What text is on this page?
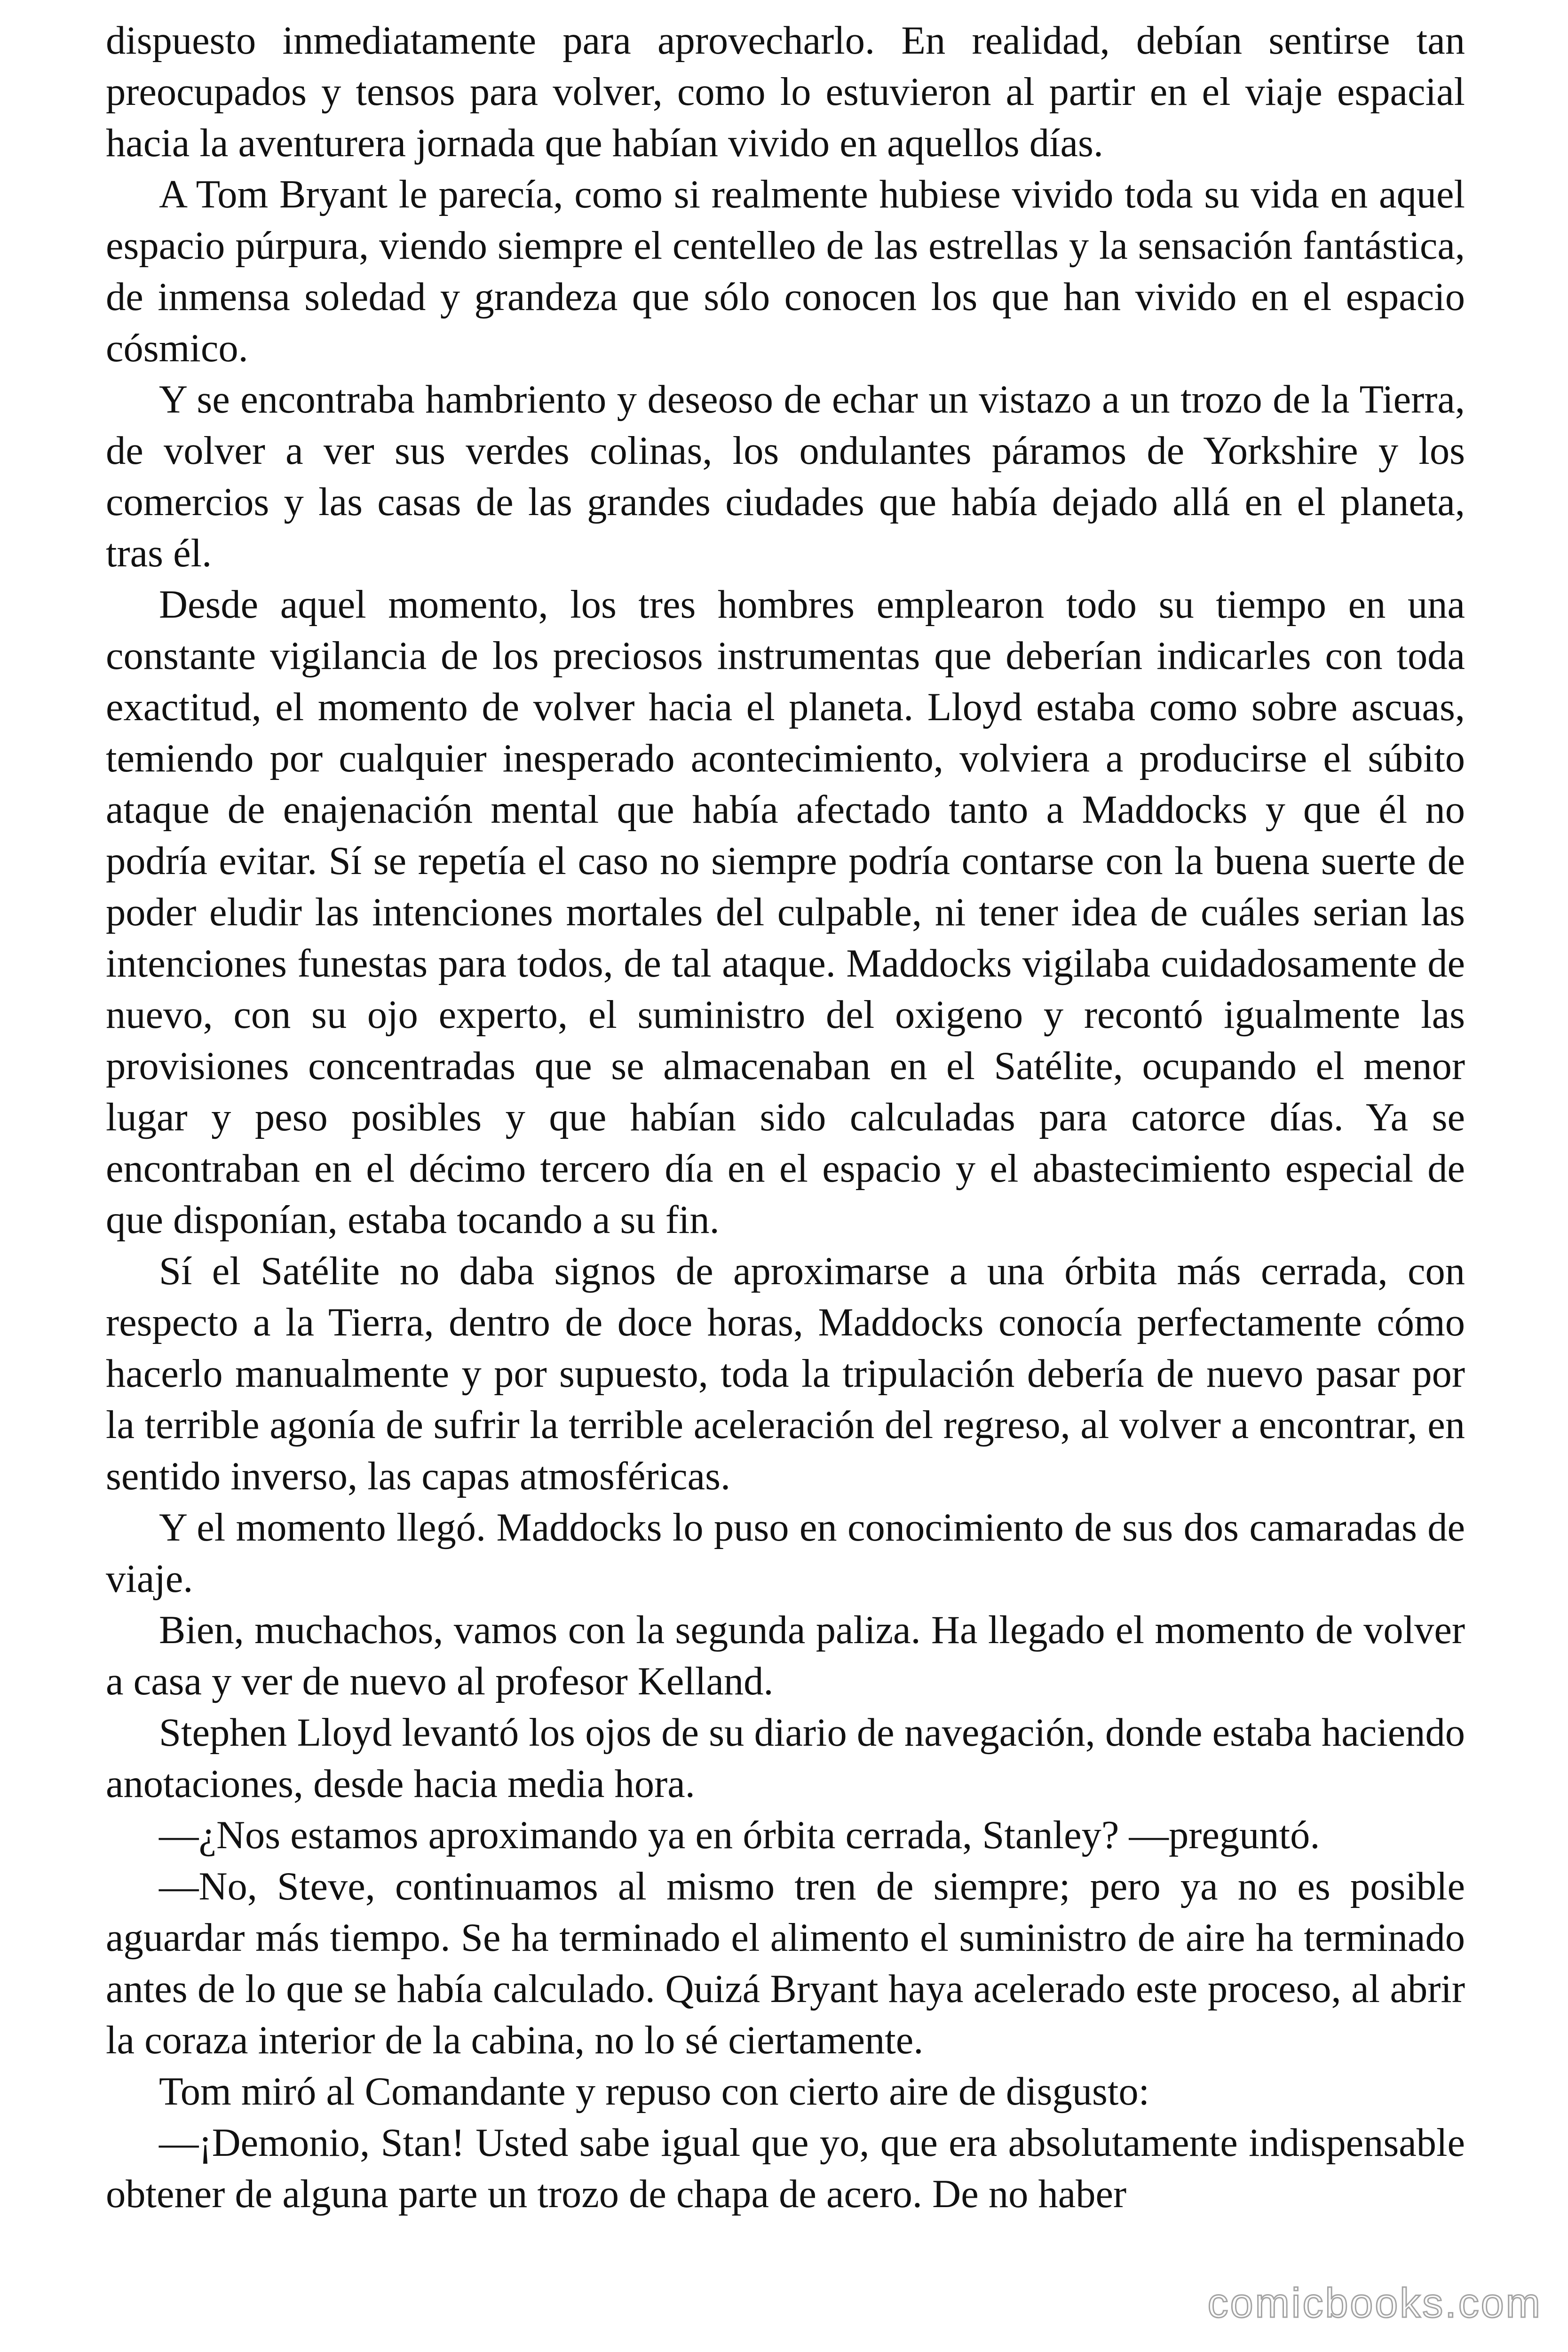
dispuesto inmediatamente para aprovecharlo. En realidad, debían sentirse tan preocupados y tensos para volver, como lo estuvieron al partir en el viaje espacial hacia la aventurera jornada que habían vivido en aquellos días.

A Tom Bryant le parecía, como si realmente hubiese vivido toda su vida en aquel espacio púrpura, viendo siempre el centelleo de las estrellas y la sensación fantástica, de inmensa soledad y grandeza que sólo conocen los que han vivido en el espacio cósmico.

Y se encontraba hambriento y deseoso de echar un vistazo a un trozo de la Tierra, de volver a ver sus verdes colinas, los ondulantes páramos de Yorkshire y los comercios y las casas de las grandes ciudades que había dejado allá en el planeta, tras él.

Desde aquel momento, los tres hombres emplearon todo su tiempo en una constante vigilancia de los preciosos instrumentas que deberían indicarles con toda exactitud, el momento de volver hacia el planeta. Lloyd estaba como sobre ascuas, temiendo por cualquier inesperado acontecimiento, volviera a producirse el súbito ataque de enajenación mental que había afectado tanto a Maddocks y que él no podría evitar. Sí se repetía el caso no siempre podría contarse con la buena suerte de poder eludir las intenciones mortales del culpable, ni tener idea de cuáles serian las intenciones funestas para todos, de tal ataque. Maddocks vigilaba cuidadosamente de nuevo, con su ojo experto, el suministro del oxigeno y recontó igualmente las provisiones concentradas que se almacenaban en el Satélite, ocupando el menor lugar y peso posibles y que habían sido calculadas para catorce días. Ya se encontraban en el décimo tercero día en el espacio y el abastecimiento especial de que disponían, estaba tocando a su fin.

Sí el Satélite no daba signos de aproximarse a una órbita más cerrada, con respecto a la Tierra, dentro de doce horas, Maddocks conocía perfectamente cómo hacerlo manualmente y por supuesto, toda la tripulación debería de nuevo pasar por la terrible agonía de sufrir la terrible aceleración del regreso, al volver a encontrar, en sentido inverso, las capas atmosféricas.

Y el momento llegó. Maddocks lo puso en conocimiento de sus dos camaradas de viaje.

Bien, muchachos, vamos con la segunda paliza. Ha llegado el momento de volver a casa y ver de nuevo al profesor Kelland.

Stephen Lloyd levantó los ojos de su diario de navegación, donde estaba haciendo anotaciones, desde hacia media hora.

—¿Nos estamos aproximando ya en órbita cerrada, Stanley? —preguntó.

—No, Steve, continuamos al mismo tren de siempre; pero ya no es posible aguardar más tiempo. Se ha terminado el alimento el suministro de aire ha terminado antes de lo que se había calculado. Quizá Bryant haya acelerado este proceso, al abrir la coraza interior de la cabina, no lo sé ciertamente.

Tom miró al Comandante y repuso con cierto aire de disgusto:

—¡Demonio, Stan! Usted sabe igual que yo, que era absolutamente indispensable obtener de alguna parte un trozo de chapa de acero. De no haber

comicbooks.com
